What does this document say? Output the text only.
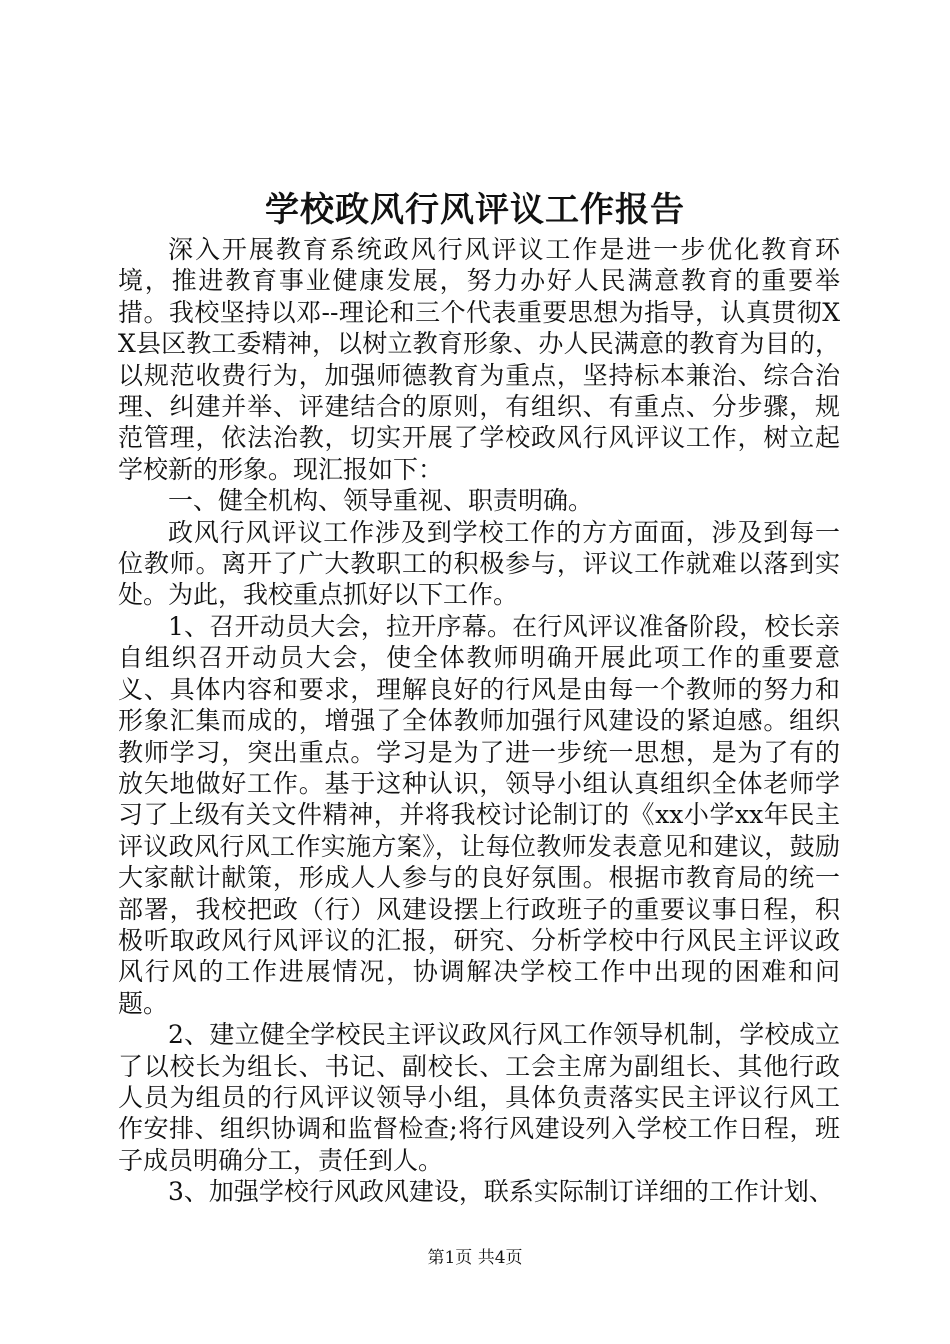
学校政风行风评议工作报告

深入开展教育系统政风行风评议工作是进一步优化教育环境，推进教育事业健康发展，努力办好人民满意教育的重要举措。我校坚持以邓--理论和三个代表重要思想为指导，认真贯彻XX县区教工委精神，以树立教育形象、办人民满意的教育为目的，以规范收费行为，加强师德教育为重点，坚持标本兼治、综合治理、纠建并举、评建结合的原则，有组织、有重点、分步骤，规范管理，依法治教，切实开展了学校政风行风评议工作，树立起学校新的形象。现汇报如下：

一、健全机构、领导重视、职责明确。

政风行风评议工作涉及到学校工作的方方面面，涉及到每一位教师。离开了广大教职工的积极参与，评议工作就难以落到实处。为此，我校重点抓好以下工作。

1、召开动员大会，拉开序幕。在行风评议准备阶段，校长亲自组织召开动员大会，使全体教师明确开展此项工作的重要意义、具体内容和要求，理解良好的行风是由每一个教师的努力和形象汇集而成的，增强了全体教师加强行风建设的紧迫感。组织教师学习，突出重点。学习是为了进一步统一思想，是为了有的放矢地做好工作。基于这种认识，领导小组认真组织全体老师学习了上级有关文件精神，并将我校讨论制订的《xx小学xx年民主评议政风行风工作实施方案》，让每位教师发表意见和建议，鼓励大家献计献策，形成人人参与的良好氛围。根据市教育局的统一部署，我校把政（行）风建设摆上行政班子的重要议事日程，积极听取政风行风评议的汇报，研究、分析学校中行风民主评议政风行风的工作进展情况，协调解决学校工作中出现的困难和问题。

2、建立健全学校民主评议政风行风工作领导机制，学校成立了以校长为组长、书记、副校长、工会主席为副组长、其他行政人员为组员的行风评议领导小组，具体负责落实民主评议行风工作安排、组织协调和监督检查;将行风建设列入学校工作日程，班子成员明确分工，责任到人。

3、加强学校行风政风建设，联系实际制订详细的工作计划、

第1页 共4页
